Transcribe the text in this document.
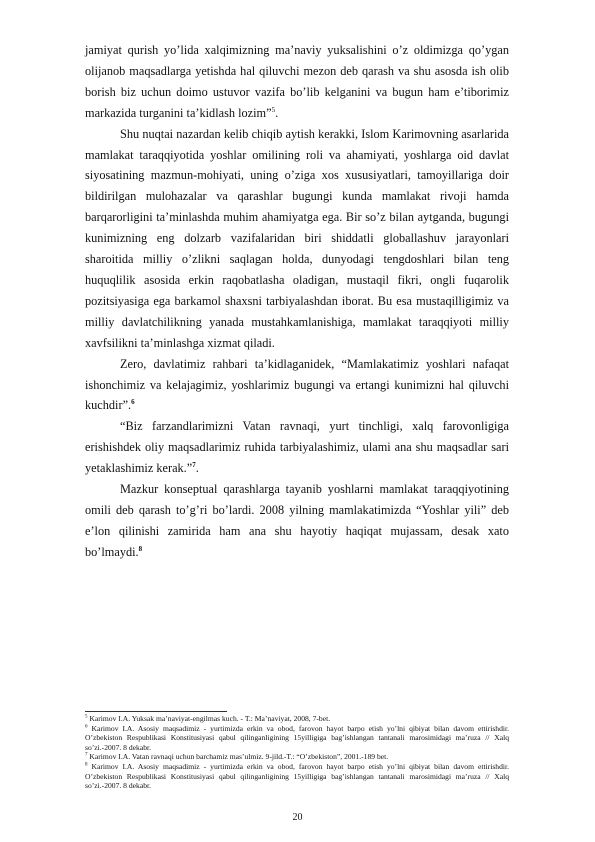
jamiyat qurish yo’lida xalqimizning ma’naviy yuksalishini o’z oldimizga qo’ygan olijanob maqsadlarga yetishda hal qiluvchi mezon deb qarash va shu asosda ish olib borish biz uchun doimo ustuvor vazifa bo’lib kelganini va bugun ham e’tiborimiz markazida turganini ta’kidlash lozim”$^5$.

Shu nuqtai nazardan kelib chiqib aytish kerakki, Islom Karimovning asarlarida mamlakat taraqqiyotida yoshlar omilining roli va ahamiyati, yoshlarga oid davlat siyosatining mazmun-mohiyati, uning o’ziga xos xususiyatlari, tamoyillariga doir bildirilgan mulohazalar va qarashlar bugungi kunda mamlakat rivoji hamda barqarorligini ta’minlashda muhim ahamiyatga ega. Bir so’z bilan aytganda, bugungi kunimizning eng dolzarb vazifalaridan biri shiddatli globallashuv jarayonlari sharoitida milliy o’zlikni saqlagan holda, dunyodagi tengdoshlari bilan teng huquqlilik asosida erkin raqobatlasha oladigan, mustaqil fikri, ongli fuqarolik pozitsiyasiga ega barkamol shaxsni tarbiyalashdan iborat. Bu esa mustaqilligimiz va milliy davlatchilikning yanada mustahkamlanishiga, mamlakat taraqqiyoti milliy xavfsilikni ta’minlashga xizmat qiladi.

Zero, davlatimiz rahbari ta’kidlaganidek, “Mamlakatimiz yoshlari nafaqat ishonchimiz va kelajagimiz, yoshlarimiz bugungi va ertangi kunimizni hal qiluvchi kuchdir”.$^6$

“Biz farzandlarimizni Vatan ravnaqi, yurt tinchligi, xalq farovonligiga erishishdek oliy maqsadlarimiz ruhida tarbiyalashimiz, ulami ana shu maqsadlar sari yetaklashimiz kerak.”$^7$.

Mazkur konseptual qarashlarga tayanib yoshlarni mamlakat taraqqiyotining omili deb qarash to’g’ri bo’lardi. 2008 yilning mamlakatimizda “Yoshlar yili” deb e’lon qilinishi zamirida ham ana shu hayotiy haqiqat mujassam, desak xato bo’lmaydi.$^8$

$^5$ Karimov I.A. Yuksak ma’naviyat-engilmas kuch. - T.: Ma’naviyat, 2008, 7-bet.

$^6$ Karimov I.A. Asosiy maqsadimiz - yurtimizda erkin va obod, farovon hayot barpo etish yo’lni qibiyat bilan davom ettirishdir. O’zbekiston Respublikasi Konstitusiyasi qabul qilinganligining 15yilligiga bag’ishlangan tantanali marosimidagi ma’ruza // Xalq so’zi.-2007. 8 dekabr.

$^7$ Karimov I.A. Vatan ravnaqi uchun barchamiz mas’ulmiz. 9-jild.-T.: “O’zbekiston”, 2001.-189 bet.

$^8$ Karimov I.A. Asosiy maqsadimiz - yurtimizda erkin va obod, farovon hayot barpo etish yo’lni qibiyat bilan davom ettirishdir. O’zbekiston Respublikasi Konstitusiyasi qabul qilinganligining 15yilligiga bag’ishlangan tantanali marosimidagi ma’ruza // Xalq so’zi.-2007. 8 dekabr.

20
